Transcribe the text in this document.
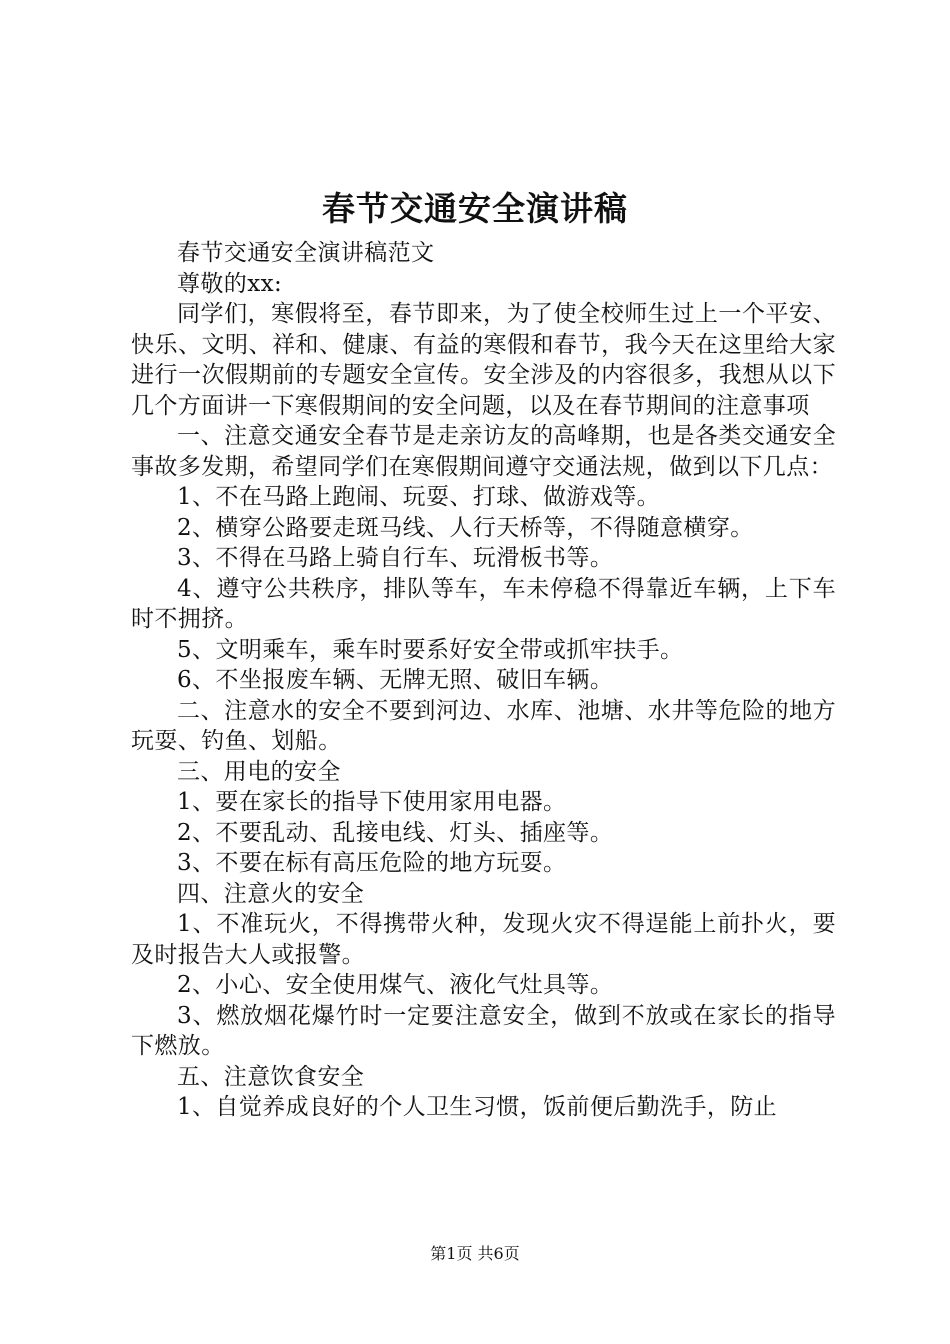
春节交通安全演讲稿

春节交通安全演讲稿范文

尊敬的xx:

同学们，寒假将至，春节即来，为了使全校师生过上一个平安、快乐、文明、祥和、健康、有益的寒假和春节，我今天在这里给大家进行一次假期前的专题安全宣传。安全涉及的内容很多，我想从以下几个方面讲一下寒假期间的安全问题，以及在春节期间的注意事项

一、注意交通安全春节是走亲访友的高峰期，也是各类交通安全事故多发期，希望同学们在寒假期间遵守交通法规，做到以下几点：

1、不在马路上跑闹、玩耍、打球、做游戏等。

2、横穿公路要走斑马线、人行天桥等，不得随意横穿。

3、不得在马路上骑自行车、玩滑板书等。

4、遵守公共秩序，排队等车，车未停稳不得靠近车辆，上下车时不拥挤。

5、文明乘车，乘车时要系好安全带或抓牢扶手。

6、不坐报废车辆、无牌无照、破旧车辆。

二、注意水的安全不要到河边、水库、池塘、水井等危险的地方玩耍、钓鱼、划船。

三、用电的安全

1、要在家长的指导下使用家用电器。

2、不要乱动、乱接电线、灯头、插座等。

3、不要在标有高压危险的地方玩耍。

四、注意火的安全

1、不准玩火，不得携带火种，发现火灾不得逞能上前扑火，要及时报告大人或报警。

2、小心、安全使用煤气、液化气灶具等。

3、燃放烟花爆竹时一定要注意安全，做到不放或在家长的指导下燃放。

五、注意饮食安全

1、自觉养成良好的个人卫生习惯，饭前便后勤洗手，防止

第1页 共6页
